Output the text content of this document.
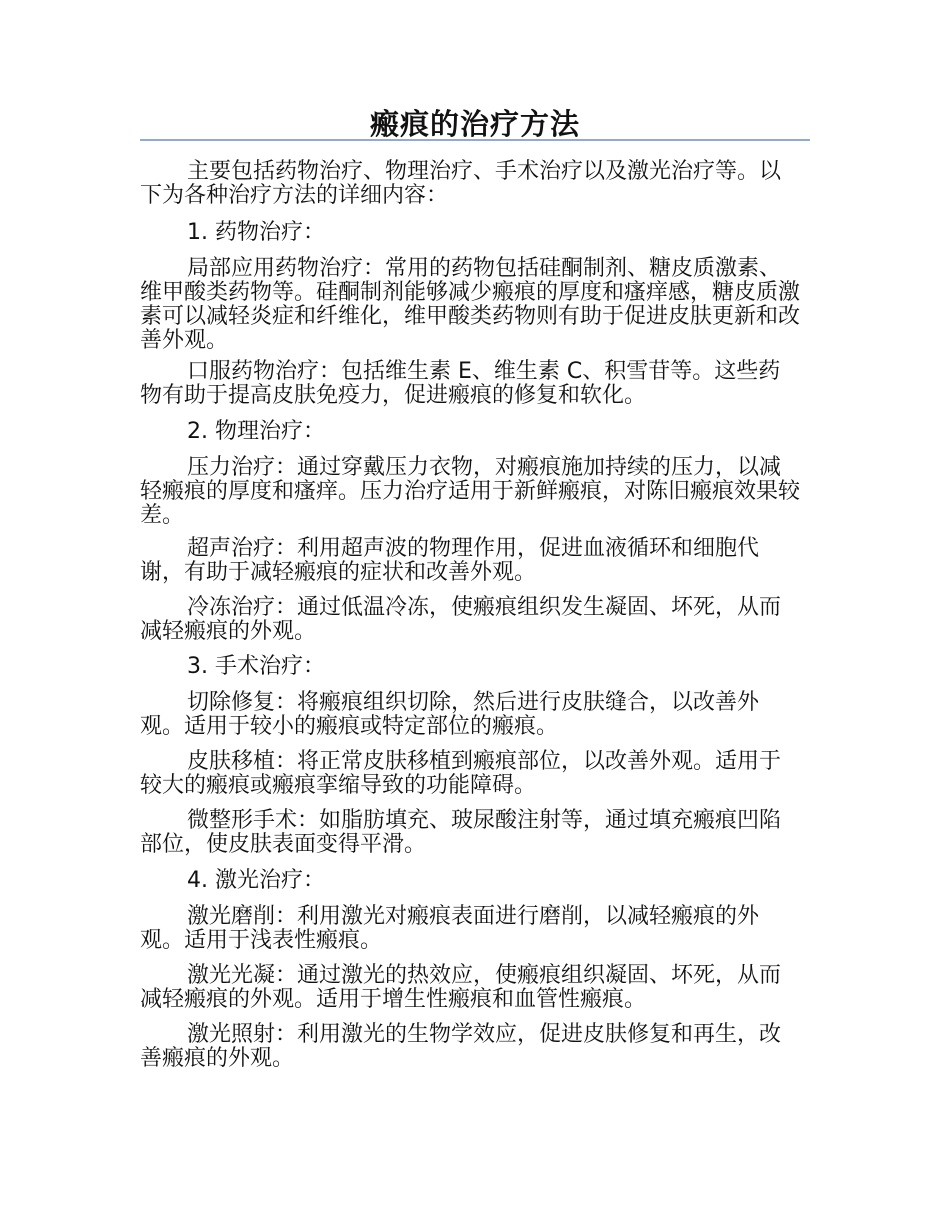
瘢痕的治疗方法

主要包括药物治疗、物理治疗、手术治疗以及激光治疗等。以下为各种治疗方法的详细内容：

1. 药物治疗：

局部应用药物治疗：常用的药物包括硅酮制剂、糖皮质激素、维甲酸类药物等。硅酮制剂能够减少瘢痕的厚度和瘙痒感，糖皮质激素可以减轻炎症和纤维化，维甲酸类药物则有助于促进皮肤更新和改善外观。

口服药物治疗：包括维生素 E、维生素 C、积雪苷等。这些药物有助于提高皮肤免疫力，促进瘢痕的修复和软化。

2. 物理治疗：

压力治疗：通过穿戴压力衣物，对瘢痕施加持续的压力，以减轻瘢痕的厚度和瘙痒。压力治疗适用于新鲜瘢痕，对陈旧瘢痕效果较差。

超声治疗：利用超声波的物理作用，促进血液循环和细胞代谢，有助于减轻瘢痕的症状和改善外观。

冷冻治疗：通过低温冷冻，使瘢痕组织发生凝固、坏死，从而减轻瘢痕的外观。

3. 手术治疗：

切除修复：将瘢痕组织切除，然后进行皮肤缝合，以改善外观。适用于较小的瘢痕或特定部位的瘢痕。

皮肤移植：将正常皮肤移植到瘢痕部位，以改善外观。适用于较大的瘢痕或瘢痕挛缩导致的功能障碍。

微整形手术：如脂肪填充、玻尿酸注射等，通过填充瘢痕凹陷部位，使皮肤表面变得平滑。

4. 激光治疗：

激光磨削：利用激光对瘢痕表面进行磨削，以减轻瘢痕的外观。适用于浅表性瘢痕。

激光光凝：通过激光的热效应，使瘢痕组织凝固、坏死，从而减轻瘢痕的外观。适用于增生性瘢痕和血管性瘢痕。

激光照射：利用激光的生物学效应，促进皮肤修复和再生，改善瘢痕的外观。
